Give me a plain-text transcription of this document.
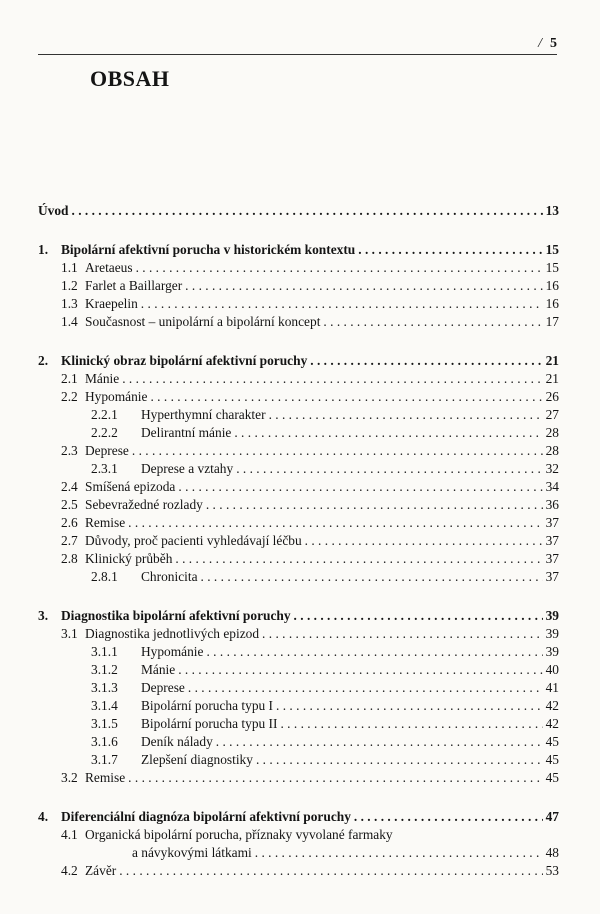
/ 5
OBSAH
Úvod . . .	13
1. Bipolární afektivní porucha v historickém kontextu . . .	15
1.1 Aretaeus . . .	15
1.2 Farlet a Baillarger . . .	16
1.3 Kraepelin . . .	16
1.4 Současnost – unipolární a bipolární koncept . . .	17
2. Klinický obraz bipolární afektivní poruchy . . .	21
2.1 Mánie . . .	21
2.2 Hypománie . . .	26
2.2.1	Hyperthymní charakter . . .	27
2.2.2	Delirantní mánie . . .	28
2.3 Deprese . . .	28
2.3.1	Deprese a vztahy . . .	32
2.4 Smíšená epizoda . . .	34
2.5 Sebevražedné rozlady . . .	36
2.6 Remise . . .	37
2.7 Důvody, proč pacienti vyhledávají léčbu . . .	37
2.8 Klinický průběh . . .	37
2.8.1	Chronicita . . .	37
3. Diagnostika bipolární afektivní poruchy . . .	39
3.1 Diagnostika jednotlivých epizod . . .	39
3.1.1	Hypománie . . .	39
3.1.2	Mánie . . .	40
3.1.3	Deprese . . .	41
3.1.4	Bipolární porucha typu I . . .	42
3.1.5	Bipolární porucha typu II . . .	42
3.1.6	Deník nálady . . .	45
3.1.7	Zlepšení diagnostiky . . .	45
3.2 Remise . . .	45
4. Diferenciální diagnóza bipolární afektivní poruchy . . .	47
4.1 Organická bipolární porucha, příznaky vyvolané farmaky
a návykovými látkami . . .	48
4.2 Závěr . . .	53
